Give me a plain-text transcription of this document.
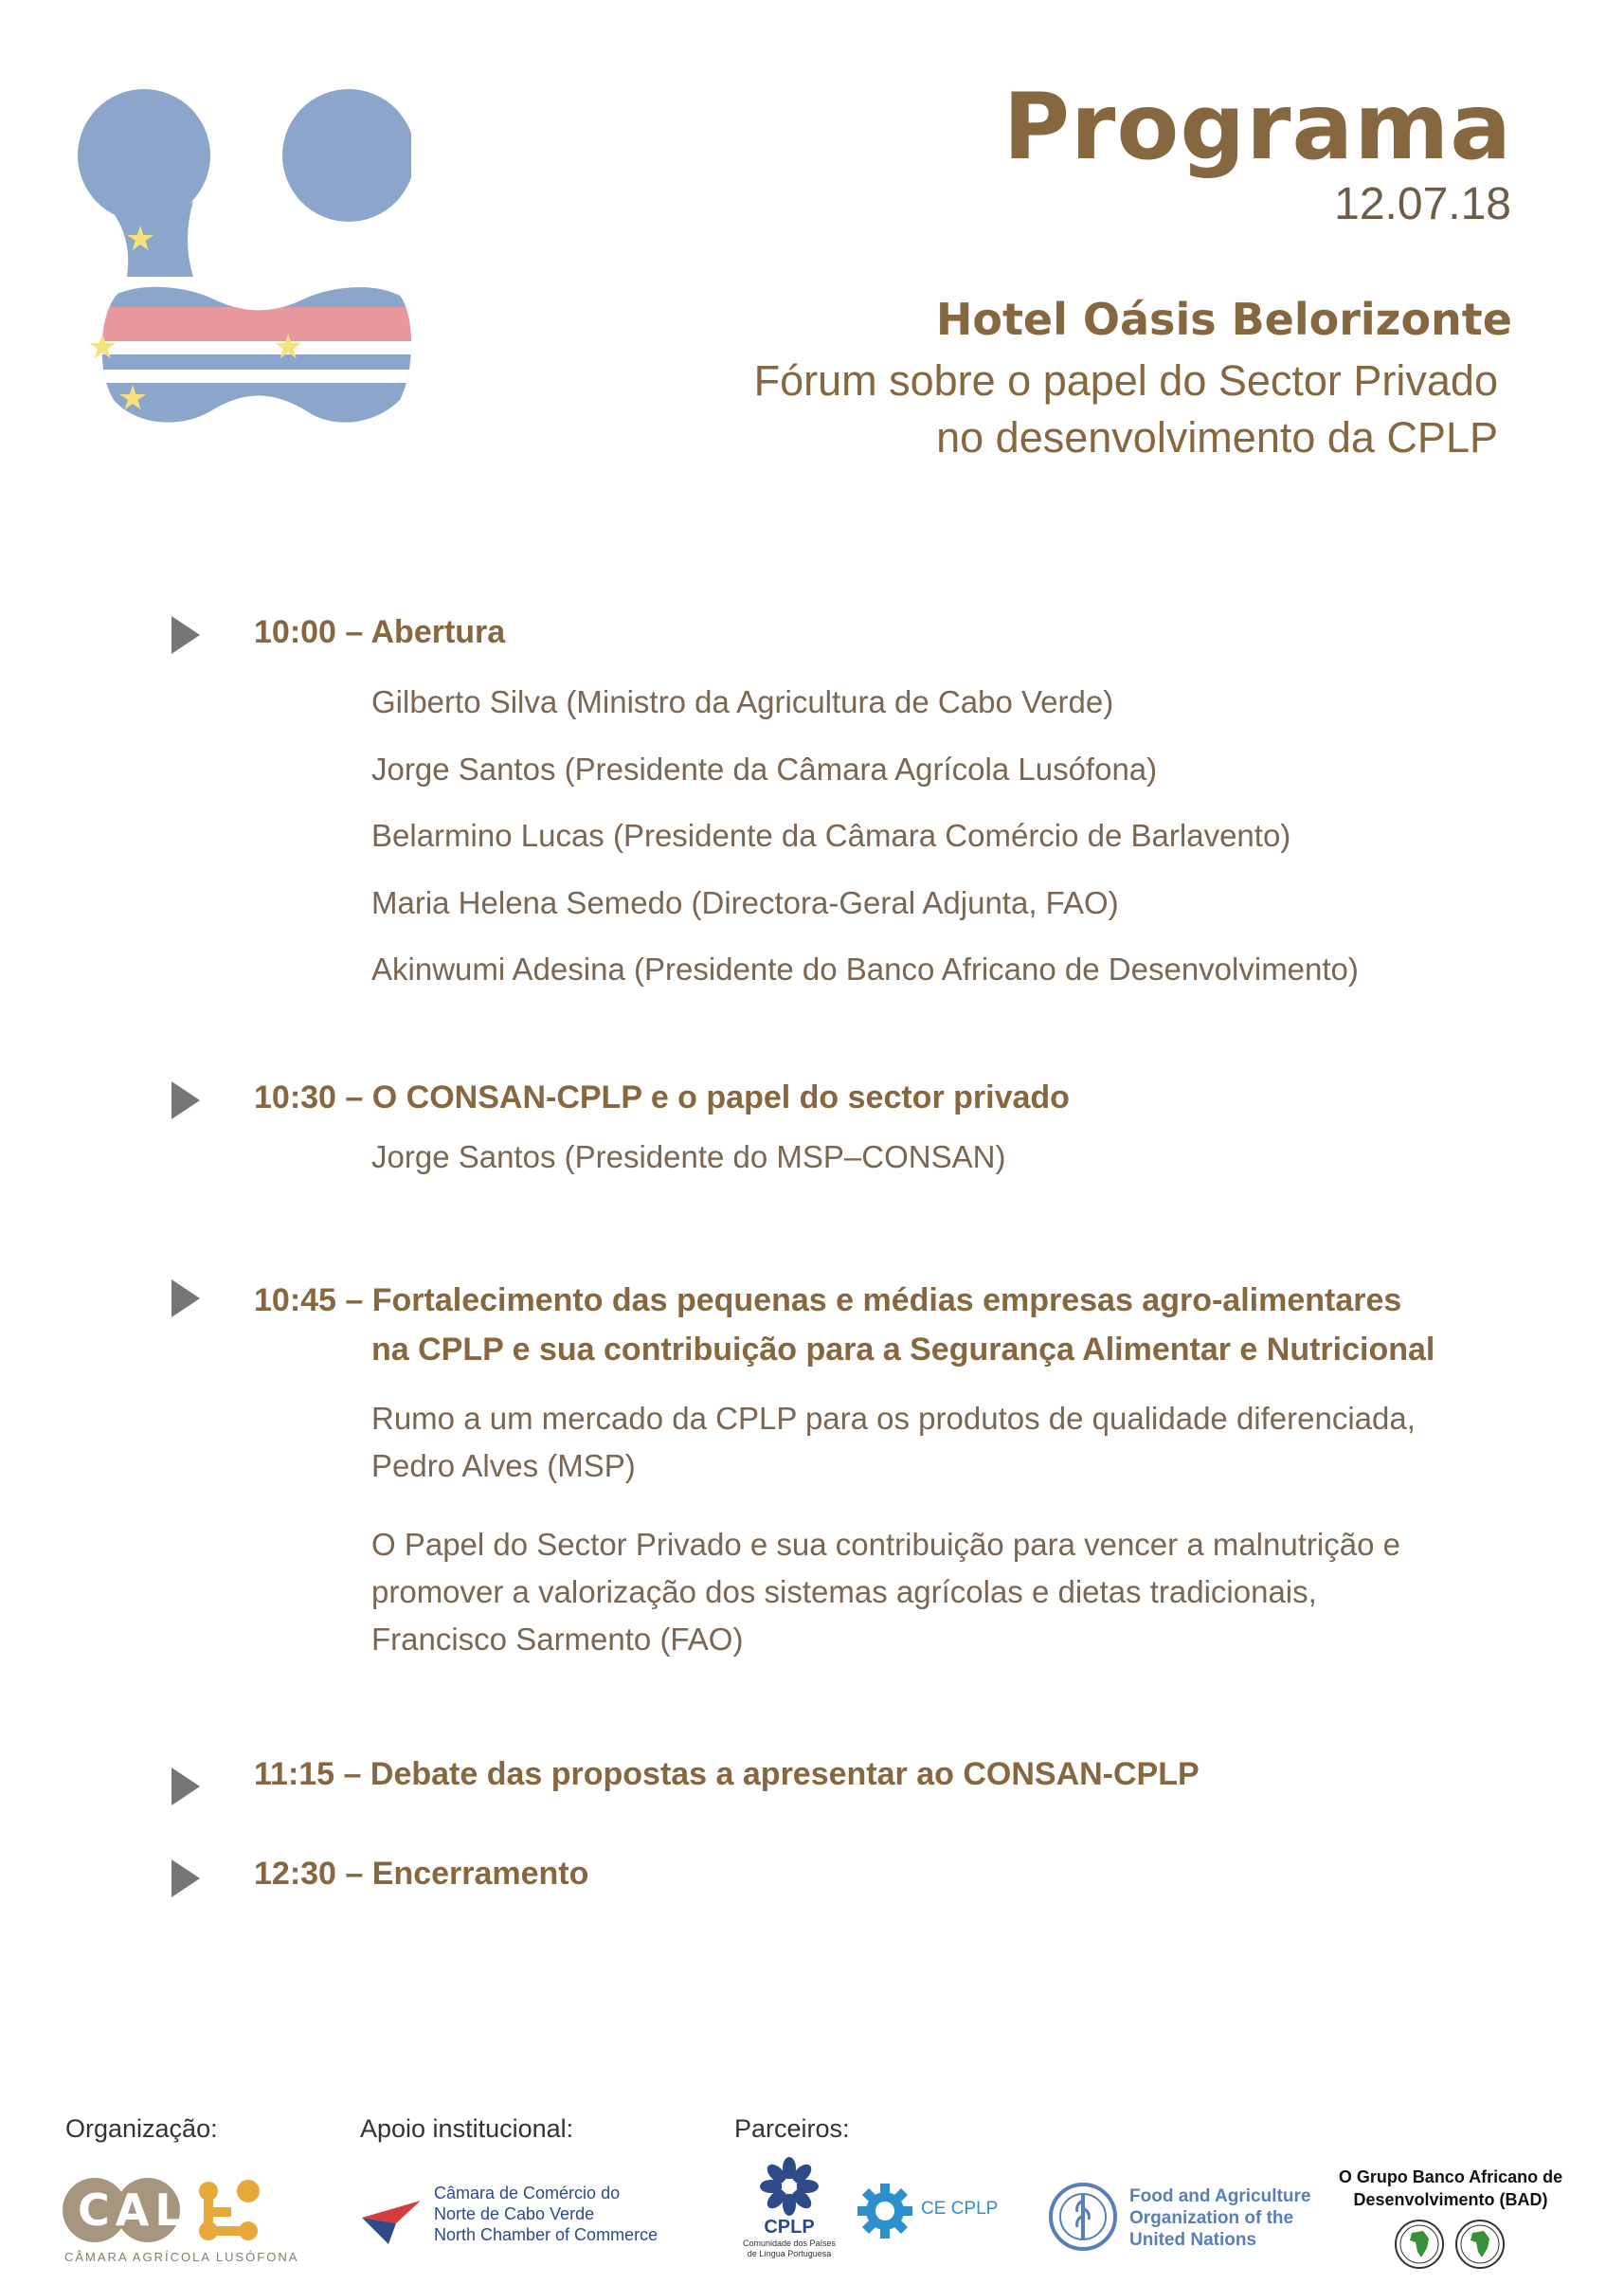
★
★	★
★
Programa
12.07.18
Hotel Oásis Belorizonte
Fórum sobre o papel do Sector Privado
no desenvolvimento da CPLP
10:00 – Abertura
Gilberto Silva (Ministro da Agricultura de Cabo Verde)
Jorge Santos (Presidente da Câmara Agrícola Lusófona)
Belarmino Lucas (Presidente da Câmara Comércio de Barlavento)
Maria Helena Semedo (Directora-Geral Adjunta, FAO)
Akinwumi Adesina (Presidente do Banco Africano de Desenvolvimento)
10:30 – O CONSAN-CPLP e o papel do sector privado
Jorge Santos (Presidente do MSP–CONSAN)
10:45 – Fortalecimento das pequenas e médias empresas agro-alimentares
na CPLP e sua contribuição para a Segurança Alimentar e Nutricional
Rumo a um mercado da CPLP para os produtos de qualidade diferenciada,
Pedro Alves (MSP)
O Papel do Sector Privado e sua contribuição para vencer a malnutrição e
promover a valorização dos sistemas agrícolas e dietas tradicionais,
Francisco Sarmento (FAO)
11:15 – Debate das propostas a apresentar ao CONSAN-CPLP
12:30 – Encerramento
Organização:	Apoio institucional:	Parceiros:
CAL
CÂMARA AGRÍCOLA LUSÓFONA
Câmara de Comércio do
Norte de Cabo Verde
North Chamber of Commerce	CPLP
Comunidade dos Países
de Língua Portuguesa
CE CPLP
Food and Agriculture
Organization of the
United Nations
O Grupo Banco Africano de
Desenvolvimento (BAD)
